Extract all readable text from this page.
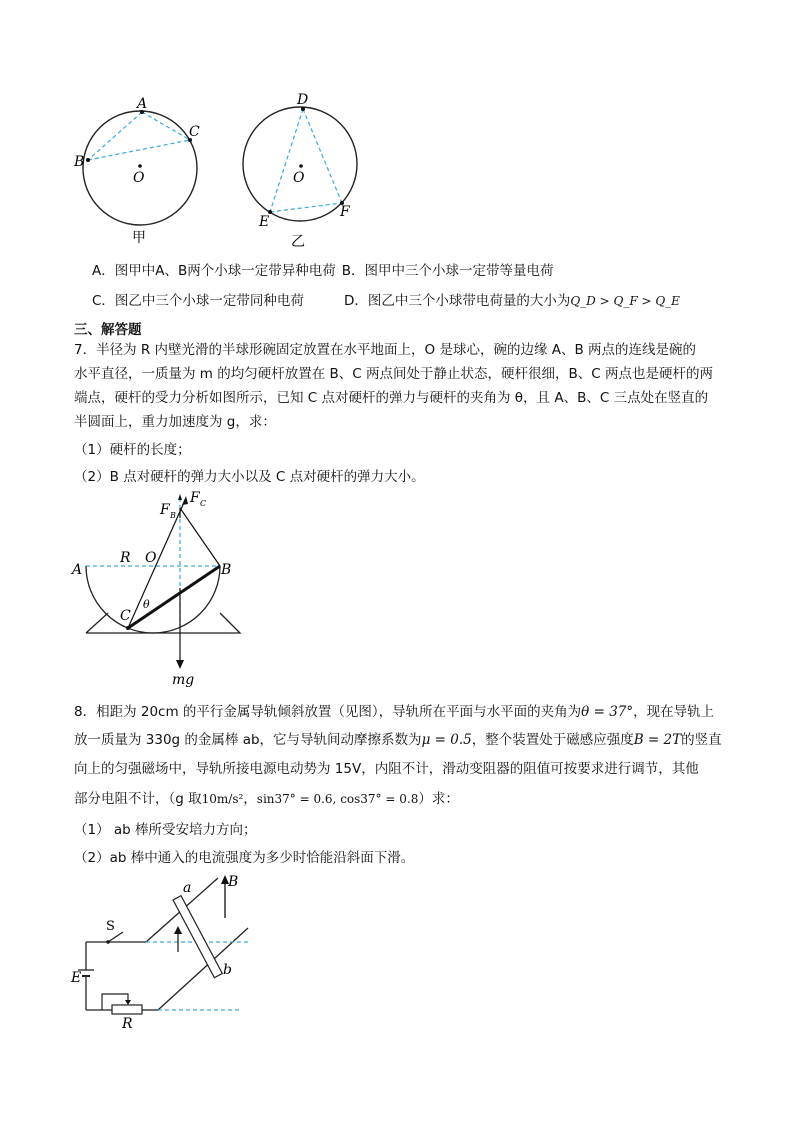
A
C
B
O
甲
D
E
F
O
乙
A．图甲中A、B两个小球一定带异种电荷 B．图甲中三个小球一定带等量电荷
C．图乙中三个小球一定带同种电荷	D．图乙中三个小球带电荷量的大小为Q_D > Q_F > Q_E
三、解答题
7．半径为 R 内壁光滑的半球形碗固定放置在水平地面上，O 是球心，碗的边缘 A、B 两点的连线是碗的
水平直径，一质量为 m 的均匀硬杆放置在 B、C 两点间处于静止状态，硬杆很细，B、C 两点也是硬杆的两
端点，硬杆的受力分析如图所示，已知 C 点对硬杆的弹力与硬杆的夹角为 θ，且 A、B、C 三点处在竖直的
半圆面上，重力加速度为 g，求：
（1）硬杆的长度；
（2）B 点对硬杆的弹力大小以及 C 点对硬杆的弹力大小。
F B
F C
R O
A	B
C
θ
mg
8．相距为 20cm 的平行金属导轨倾斜放置（见图），导轨所在平面与水平面的夹角为θ = 37°，现在导轨上
放一质量为 330g 的金属棒 ab，它与导轨间动摩擦系数为μ = 0.5，整个装置处于磁感应强度B = 2T的竖直
向上的匀强磁场中，导轨所接电源电动势为 15V，内阻不计，滑动变阻器的阻值可按要求进行调节，其他
部分电阻不计，（g 取10m/s²，sin37° = 0.6, cos37° = 0.8）求：
（1） ab 棒所受安培力方向；
（2）ab 棒中通入的电流强度为多少时恰能沿斜面下滑。
a
b
B
S
E
R
